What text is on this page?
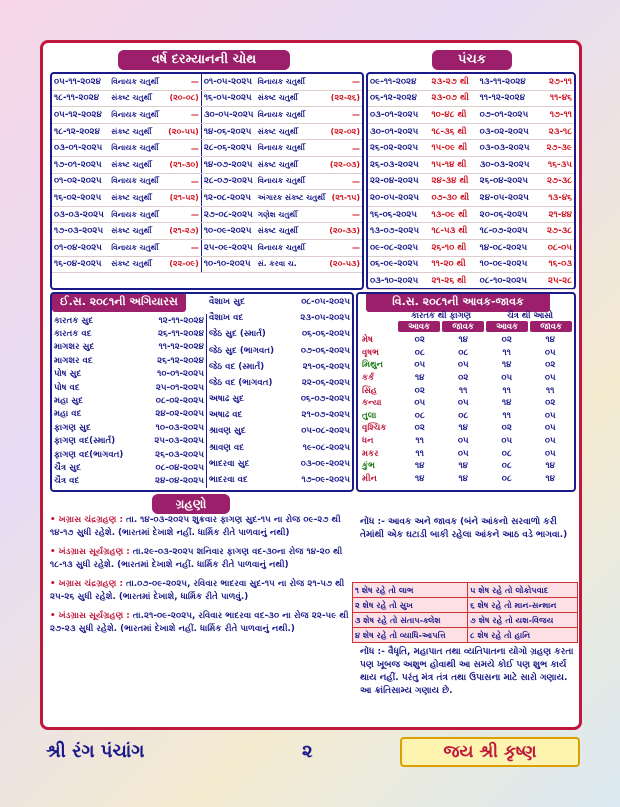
વર્ષ દરમ્યાનની ચોથ
૦૫-૧૧-૨૦૨૪	વિનાયક ચતુર્થી	—
૧૮-૧૧-૨૦૨૪	સંકષ્ટ ચતુર્થી	(૨૦-૦૮)
૦૫-૧૨-૨૦૨૪	વિનાયક ચતુર્થી	—
૧૮-૧૨-૨૦૨૪	સંકષ્ટ ચતુર્થી	(૨૦-૫૫)
૦૩-૦૧-૨૦૨૫	વિનાયક ચતુર્થી	—
૧૭-૦૧-૨૦૨૫	સંકષ્ટ ચતુર્થી	(૨૧-૩૦)
૦૧-૦૨-૨૦૨૫	વિનાયક ચતુર્થી	—
૧૬-૦૨-૨૦૨૫	સંકષ્ટ ચતુર્થી	(૨૧-૫૨)
૦૩-૦૩-૨૦૨૫	વિનાયક ચતુર્થી	—
૧૭-૦૩-૨૦૨૫	સંકષ્ટ ચતુર્થી	(૨૧-૨૭)
૦૧-૦૪-૨૦૨૫	વિનાયક ચતુર્થી	—
૧૬-૦૪-૨૦૨૫	સંકષ્ટ ચતુર્થી	(૨૨-૦૯)
૦૧-૦૫-૨૦૨૫	વિનાયક ચતુર્થી	—
૧૬-૦૫-૨૦૨૫	સંકષ્ટ ચતુર્થી	(૨૨-૨૬)
૩૦-૦૫-૨૦૨૫	વિનાયક ચતુર્થી	—
૧૪-૦૬-૨૦૨૫	સંકષ્ટ ચતુર્થી	(૨૨-૦૨)
૨૮-૦૬-૨૦૨૫	વિનાયક ચતુર્થી	—
૧૪-૦૭-૨૦૨૫	સંકષ્ટ ચતુર્થી	(૨૨-૦૩)
૨૮-૦૭-૨૦૨૫	વિનાયક ચતુર્થી	—
૧૨-૦૮-૨૦૨૫	અંગારક સંકષ્ટ ચતુર્થી	(૨૧-૧૫)
૨૭-૦૮-૨૦૨૫	ગણેશ ચતુર્થી	—
૧૦-૦૯-૨૦૨૫	સંકષ્ટ ચતુર્થી	(૨૦-૩૩)
૨૫-૦૯-૨૦૨૫	વિનાયક ચતુર્થી	—
૧૦-૧૦-૨૦૨૫	સં. કરવા ચ.	(૨૦-૫૩)
પંચક
૦૯-૧૧-૨૦૨૪	૨૩-૨૭ થી	૧૩-૧૧-૨૦૨૪	૨૭-૧૧
૦૬-૧૨-૨૦૨૪	૨૩-૦૭ થી	૧૧-૧૨-૨૦૨૪	૧૧-૪૬
૦૩-૦૧-૨૦૨૫	૧૦-૪૮ થી	૦૭-૦૧-૨૦૨૫	૧૭-૧૧
૩૦-૦૧-૨૦૨૫	૧૮-૩૬ થી	૦૩-૦૨-૨૦૨૫	૨૩-૧૮
૨૬-૦૨-૨૦૨૫	૧૫-૦૯ થી	૦૩-૦૩-૨૦૨૫	૨૭-૩૯
૨૬-૦૩-૨૦૨૫	૧૫-૧૪ થી	૩૦-૦૩-૨૦૨૫	૧૬-૩૫
૨૨-૦૪-૨૦૨૫	૨૪-૩૪ થી	૨૬-૦૪-૨૦૨૫	૨૭-૩૮
૨૦-૦૫-૨૦૨૫	૦૭-૩૦ થી	૨૪-૦૫-૨૦૨૫	૧૩-૪૬
૧૬-૦૬-૨૦૨૫	૧૩-૦૯ થી	૨૦-૦૬-૨૦૨૫	૨૧-૪૪
૧૩-૦૭-૨૦૨૫	૧૮-૫૩ થી	૧૮-૦૭-૨૦૨૫	૨૭-૩૮
૦૯-૦૮-૨૦૨૫	૨૬-૧૦ થી	૧૪-૦૮-૨૦૨૫	૦૮-૦૫
૦૬-૦૯-૨૦૨૫	૧૧-૨૦ થી	૧૦-૦૯-૨૦૨૫	૧૬-૦૩
૦૩-૧૦-૨૦૨૫	૨૧-૨૬ થી	૦૮-૧૦-૨૦૨૫	૨૫-૨૮
ઈ.સ. ૨૦૮૧ની અગિયારસ
કારતક સુદ	૧૨-૧૧-૨૦૨૪
કારતક વદ	૨૬-૧૧-૨૦૨૪
માગશર સુદ	૧૧-૧૨-૨૦૨૪
માગશર વદ	૨૬-૧૨-૨૦૨૪
પોષ સુદ	૧૦-૦૧-૨૦૨૫
પોષ વદ	૨૫-૦૧-૨૦૨૫
મહા સુદ	૦૮-૦૨-૨૦૨૫
મહા વદ	૨૪-૦૨-૨૦૨૫
ફાગણ સુદ	૧૦-૦૩-૨૦૨૫
ફાગણ વદ(સ્માર્ત)	૨૫-૦૩-૨૦૨૫
ફાગણ વદ(ભાગવત)	૨૬-૦૩-૨૦૨૫
ચૈત્ર સુદ	૦૮-૦૪-૨૦૨૫
ચૈત્ર વદ	૨૪-૦૪-૨૦૨૫
વૈશાખ સુદ	૦૮-૦૫-૨૦૨૫
વૈશાખ વદ	૨૩-૦૫-૨૦૨૫
જેઠ સુદ (સ્માર્ત)	૦૬-૦૬-૨૦૨૫
જેઠ સુદ (ભાગવત)	૦૭-૦૬-૨૦૨૫
જેઠ વદ (સ્માર્ત)	૨૧-૦૬-૨૦૨૫
જેઠ વદ (ભાગવત)	૨૨-૦૬-૨૦૨૫
અષાઢ સુદ	૦૬-૦૭-૨૦૨૫
અષાઢ વદ	૨૧-૦૭-૨૦૨૫
શ્રાવણ સુદ	૦૫-૦૮-૨૦૨૫
શ્રાવણ વદ	૧૯-૦૮-૨૦૨૫
ભાદરવા સુદ	૦૩-૦૯-૨૦૨૫
ભાદરવા વદ	૧૭-૦૯-૨૦૨૫
વિ.સ. ૨૦૮૧ની આવક-જાવક
કારતક થી ફાગણ	ચૈત્ર થી આસો
આવક	જાવક	આવક	જાવક
મેષ	૦૨	૧૪	૦૨	૧૪
વૃષભ	૦૮	૦૮	૧૧	૦૫
મિથુન	૦૫	૦૫	૧૪	૦૨
કર્ક	૧૪	૦૨	૦૫	૦૫
સિંહ	૦૨	૧૧	૧૧	૧૧
કન્યા	૦૫	૦૫	૧૪	૦૨
તુલા	૦૮	૦૮	૧૧	૦૫
વૃશ્ચિક	૦૨	૧૪	૦૨	૦૫
ધન	૧૧	૦૫	૦૫	૦૫
મકર	૧૧	૦૫	૦૮	૦૫
કુંભ	૧૪	૧૪	૦૮	૧૪
મીન	૧૪	૧૪	૦૮	૧૪
ગ્રહણો

• ખગ્રાસ ચંદ્રગ્રહણ : તા. ૧૪-૦૩-૨૦૨૫ શુક્રવાર ફાગણ સુદ-૧૫ ના રોજ ૦૯-૨૭ થી ૧૪-૧૭ સુધી રહેશે. (ભારતમાં દેખાશે નહીં. ધાર્મિક રીતે પાળવાનું નથી)

• ખંડગ્રાસ સૂર્યગ્રહણ : તા.૨૯-૦૩-૨૦૨૫ શનિવાર ફાગણ વદ-૩૦ના રોજ ૧૪-૨૦ થી ૧૮-૧૩ સુધી રહેશે. (ભારતમાં દેખાશે નહીં. ધાર્મિક રીતે પાળવાનું નથી)

• ખગ્રાસ ચંદ્રગ્રહણ : તા.૦૭-૦૯-૨૦૨૫, રવિવાર ભાદરવા સુદ-૧૫ ના રોજ ૨૧-૫૭ થી ૨૫-૨૬ સુધી રહેશે. (ભારતમાં દેખાશે, ધાર્મિક રીતે પાળવું.)

• ખંડગ્રાસ સૂર્યગ્રહણ : તા.૨૧-૦૯-૨૦૨૫, રવિવાર ભાદરવા વદ-૩૦ ના રોજ ૨૨-૫૯ થી ૨૭-૨૩ સુધી રહેશે. (ભારતમાં દેખાશે નહીં. ધાર્મિક રીતે પાળવાનું નથી.)

નોંધ :- આવક અને જાવક (બંને આંકનો સરવાળો કરી તેમાંથી એક ઘટાડી બાકી રહેલા આંકને આઠ વડે ભાગવા.)

૧ શેષ રહે તો લાભ	૫ શેષ રહે તો લોકોપવાદ
૨ શેષ રહે તો સુખ	૬ શેષ રહે તો માન-સન્માન
૩ શેષ રહે તો સંતાપ-ક્લેશ	૭ શેષ રહે તો યશ-વિજય
૪ શેષ રહે તો વ્યાધિ-આપત્તિ	૮ શેષ રહે તો હાનિ

નોંધ :- વૈધૃતિ, મહાપાત તથા વ્યતિપાતના યોગો ગ્રહણ કરતા પણ ખૂબજ અશુભ હોવાથી આ સમયે કોઈ પણ શુભ કાર્ય થાય નહીં. પરંતુ મંત્ર તંત્ર તથા ઉપાસના માટે સારો ગણાય. આ ક્રાંતિસામ્ય ગણાય છે.

શ્રી રંગ પંચાંગ	૨	જય શ્રી કૃષ્ણ
